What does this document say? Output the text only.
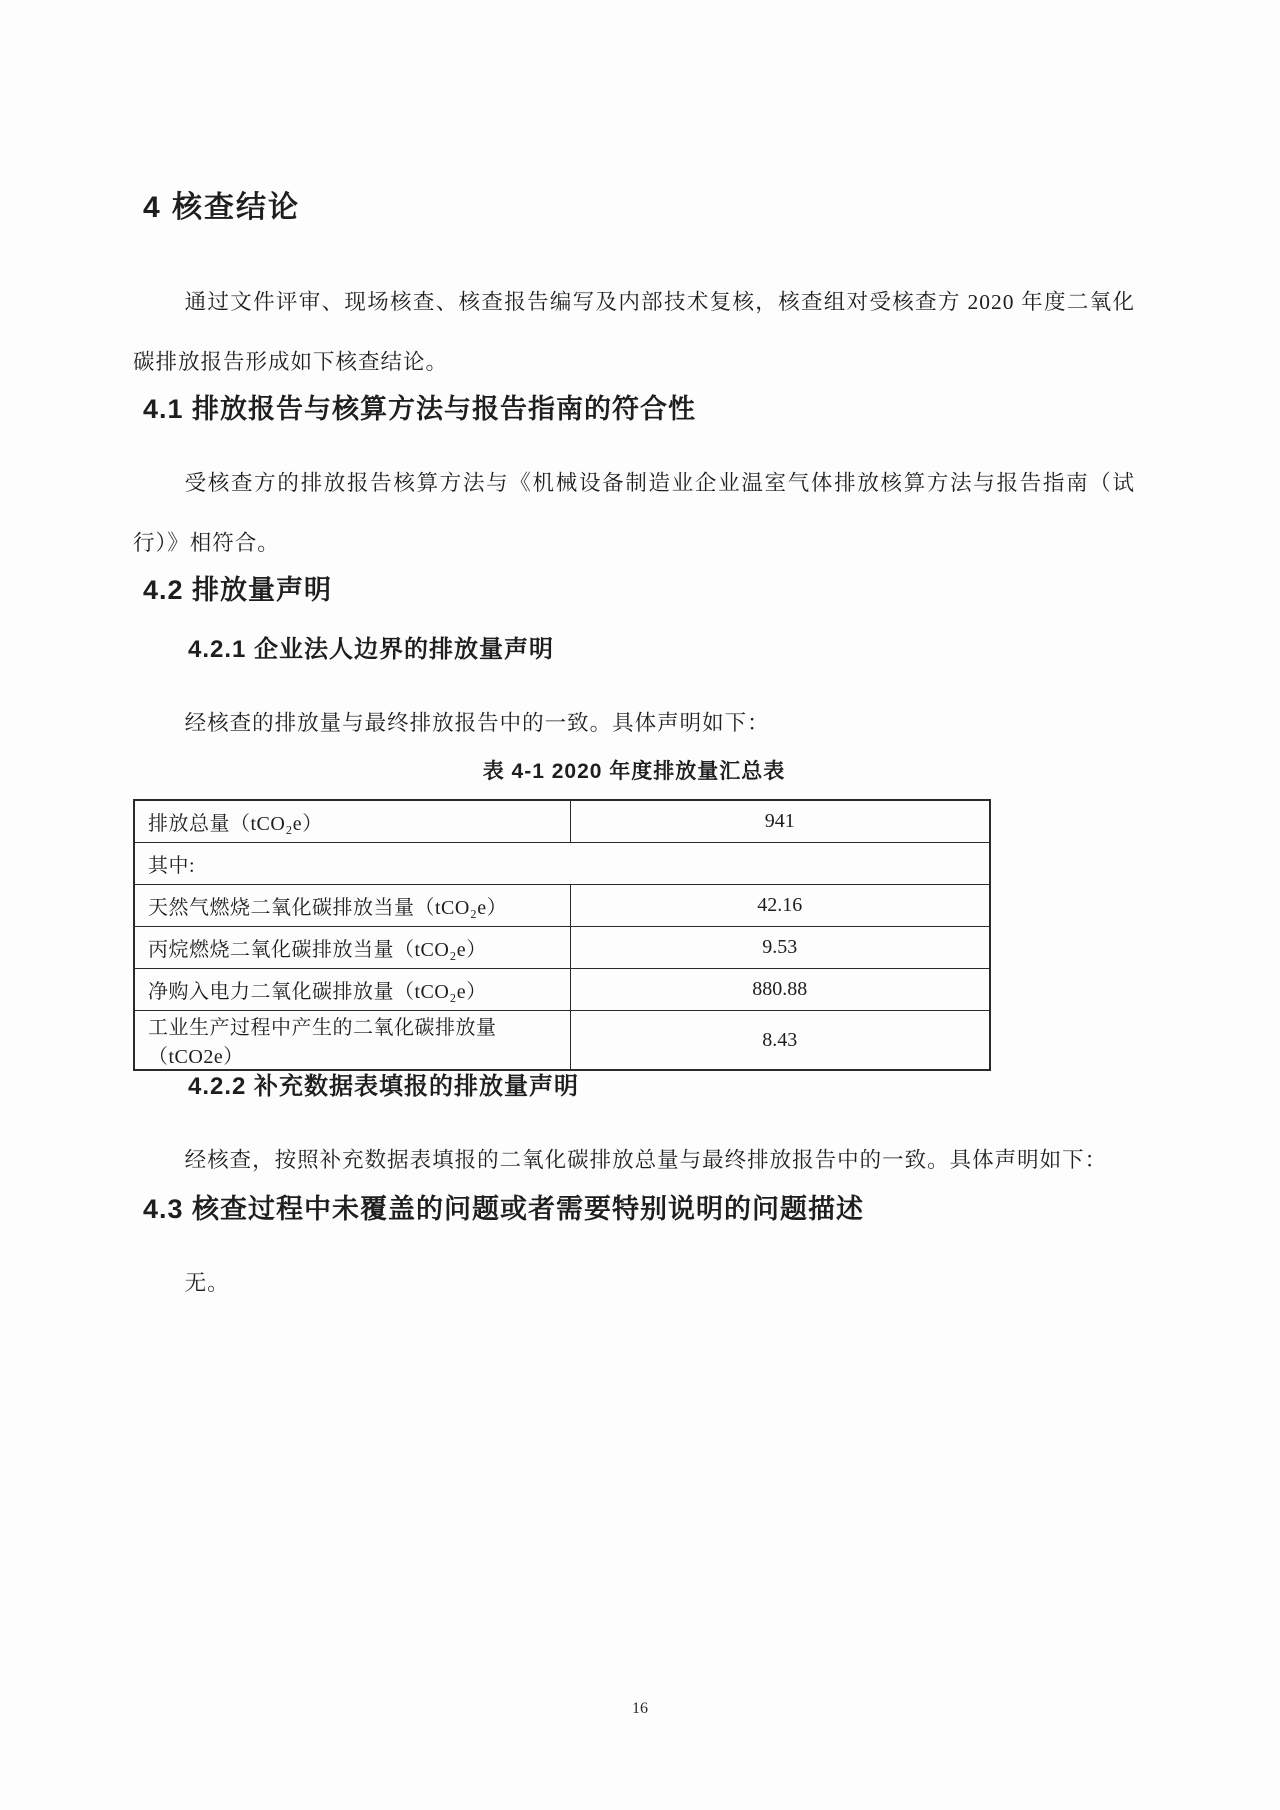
4 核查结论

通过文件评审、现场核查、核查报告编写及内部技术复核，核查组对受核查方 2020 年度二氧化碳排放报告形成如下核查结论。

4.1 排放报告与核算方法与报告指南的符合性

受核查方的排放报告核算方法与《机械设备制造业企业温室气体排放核算方法与报告指南（试行）》相符合。

4.2 排放量声明
4.2.1 企业法人边界的排放量声明

经核查的排放量与最终排放报告中的一致。具体声明如下：

表 4-1 2020 年度排放量汇总表
排放总量（tCO₂e）	941
其中:	
天然气燃烧二氧化碳排放当量（tCO₂e）	42.16
丙烷燃烧二氧化碳排放当量（tCO₂e）	9.53
净购入电力二氧化碳排放量（tCO₂e）	880.88
工业生产过程中产生的二氧化碳排放量（tCO2e）	8.43
4.2.2 补充数据表填报的排放量声明

经核查，按照补充数据表填报的二氧化碳排放总量与最终排放报告中的一致。具体声明如下：

4.3 核查过程中未覆盖的问题或者需要特别说明的问题描述

无。

16
